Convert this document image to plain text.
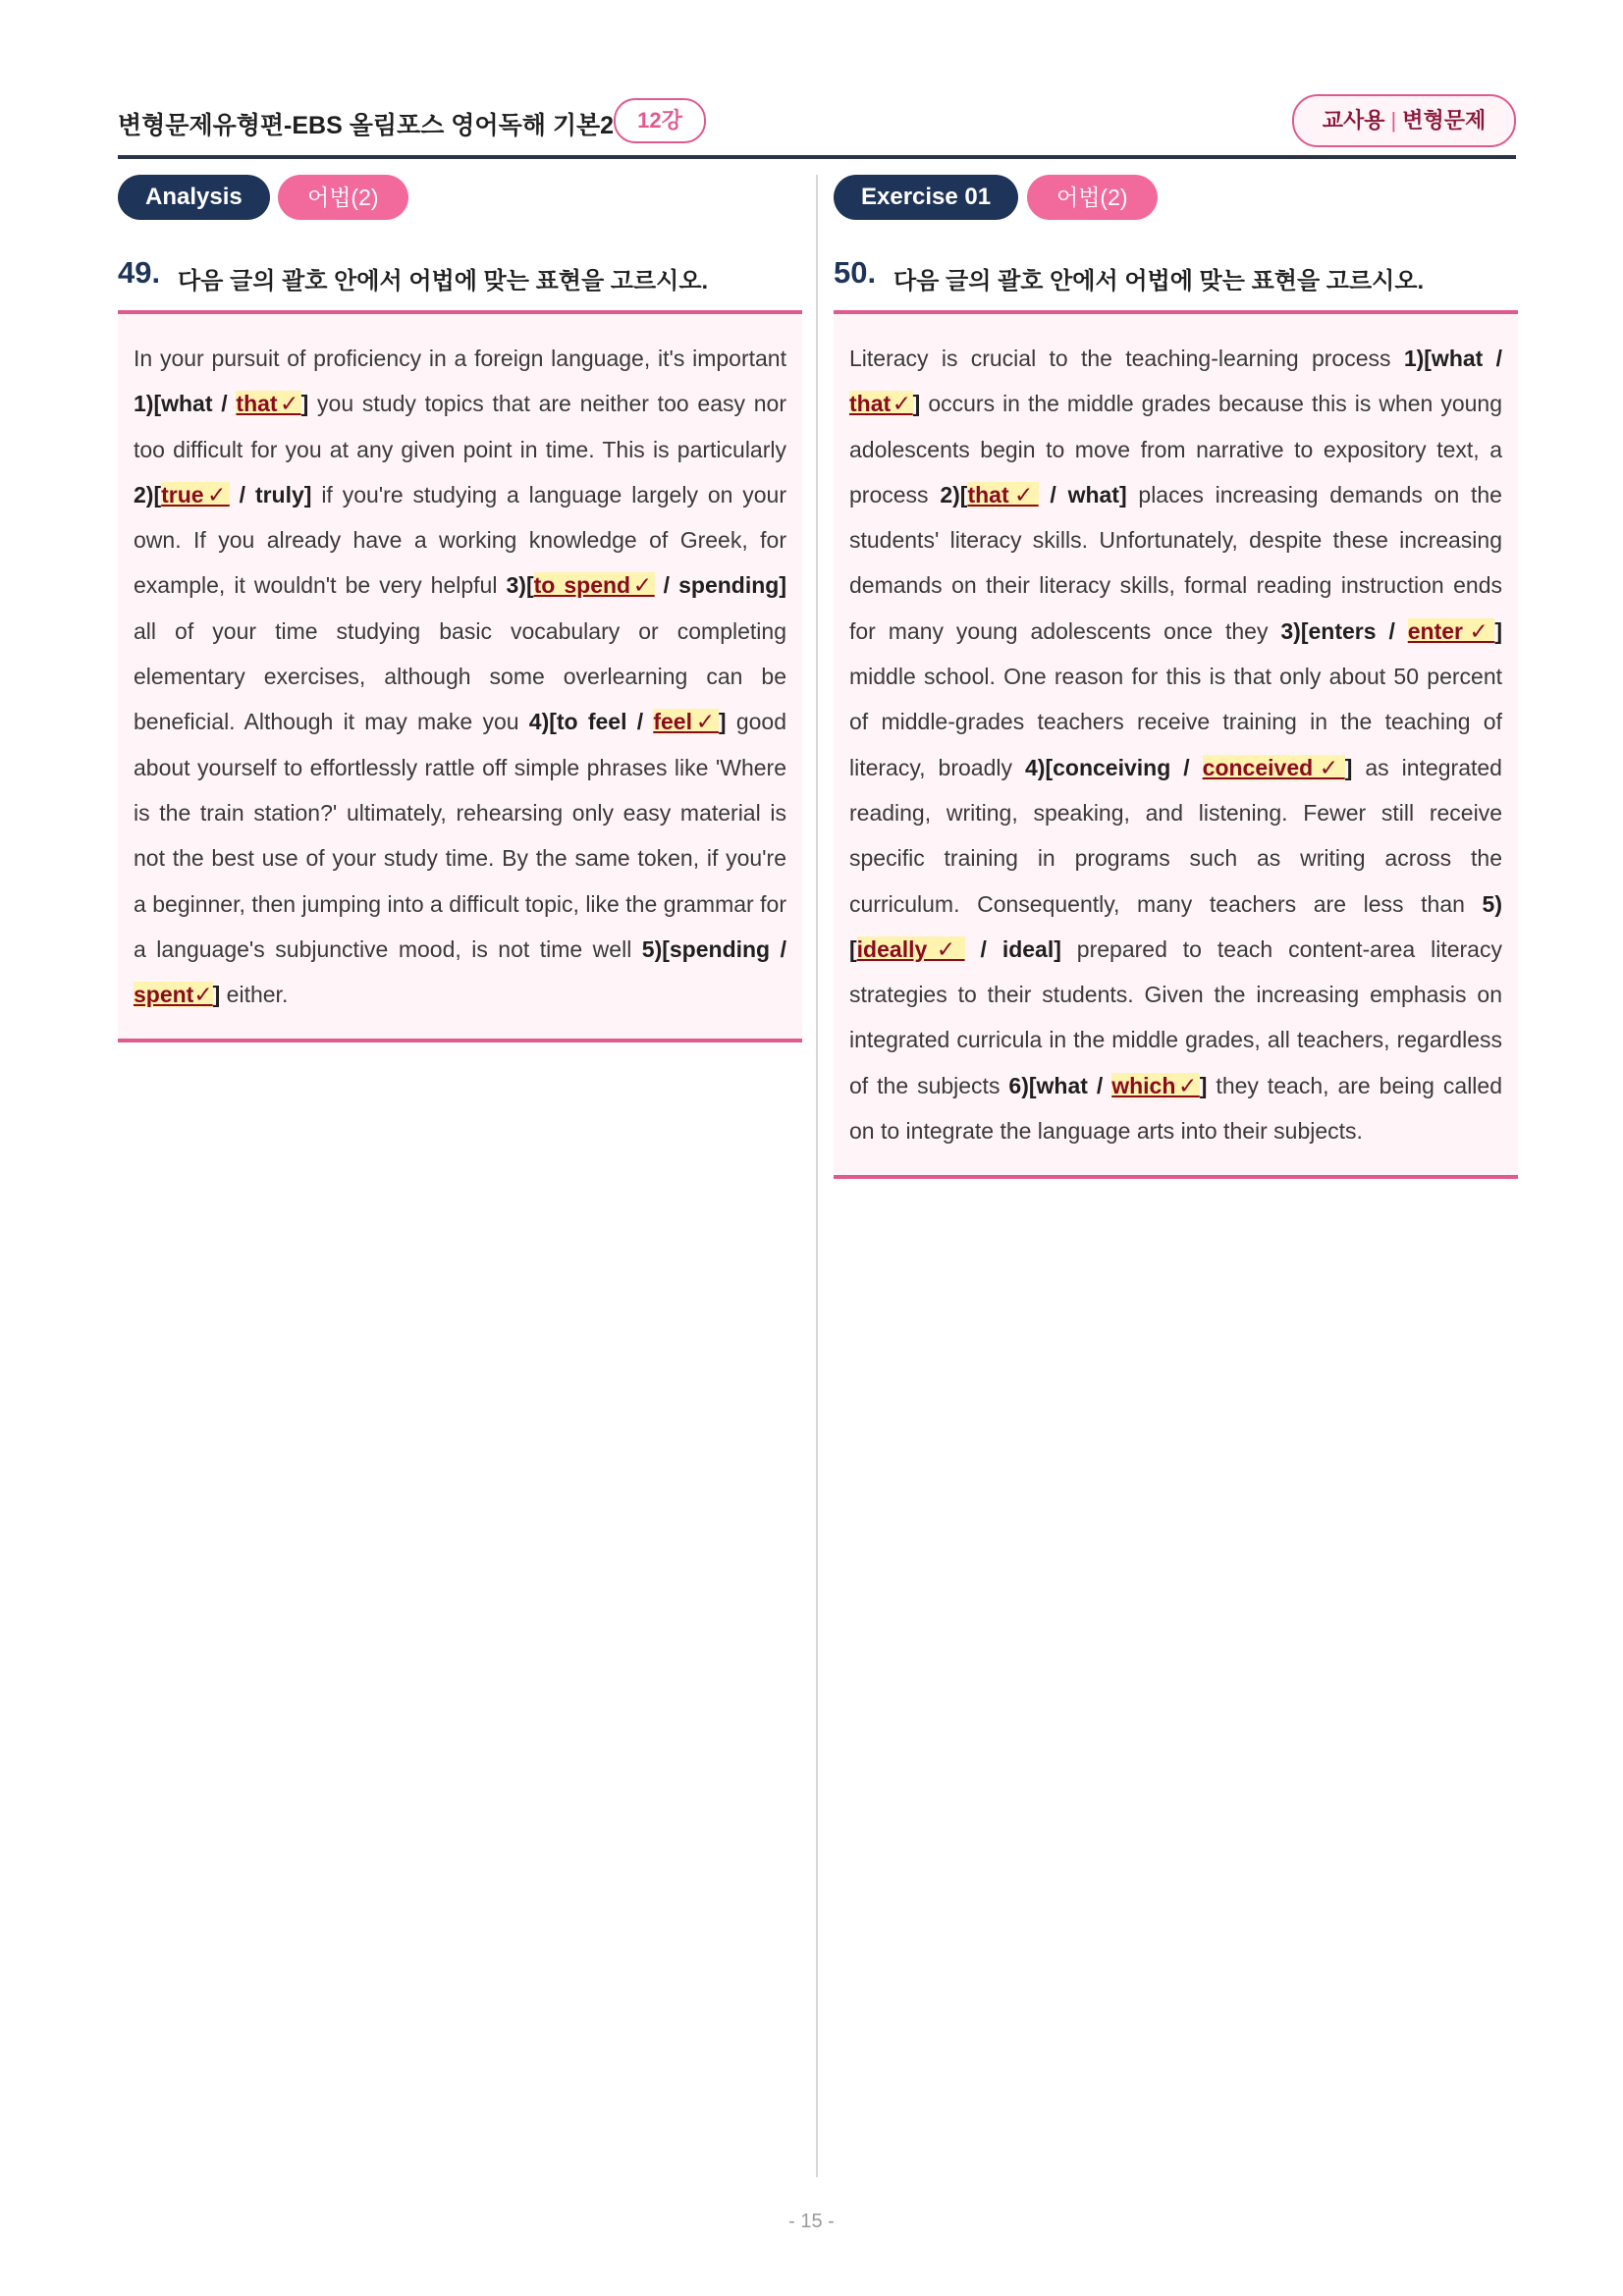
변형문제유형편-EBS 올림포스 영어독해 기본2	12강	교사용 | 변형문제
Analysis	어법(2)
49. 다음 글의 괄호 안에서 어법에 맞는 표현을 고르시오.
In your pursuit of proficiency in a foreign language, it's important 1)[what / that✓] you study topics that are neither too easy nor too difficult for you at any given point in time. This is particularly 2)[true✓ / truly] if you're studying a language largely on your own. If you already have a working knowledge of Greek, for example, it wouldn't be very helpful 3)[to spend✓ / spending] all of your time studying basic vocabulary or completing elementary exercises, although some overlearning can be beneficial. Although it may make you 4)[to feel / feel✓] good about yourself to effortlessly rattle off simple phrases like 'Where is the train station?' ultimately, rehearsing only easy material is not the best use of your study time. By the same token, if you're a beginner, then jumping into a difficult topic, like the grammar for a language's subjunctive mood, is not time well 5)[spending / spent✓] either.
Exercise 01	어법(2)
50. 다음 글의 괄호 안에서 어법에 맞는 표현을 고르시오.
Literacy is crucial to the teaching-learning process 1)[what / that✓] occurs in the middle grades because this is when young adolescents begin to move from narrative to expository text, a process 2)[that✓ / what] places increasing demands on the students' literacy skills. Unfortunately, despite these increasing demands on their literacy skills, formal reading instruction ends for many young adolescents once they 3)[enters / enter✓] middle school. One reason for this is that only about 50 percent of middle-grades teachers receive training in the teaching of literacy, broadly 4)[conceiving / conceived✓] as integrated reading, writing, speaking, and listening. Fewer still receive specific training in programs such as writing across the curriculum. Consequently, many teachers are less than 5)[ideally✓ / ideal] prepared to teach content-area literacy strategies to their students. Given the increasing emphasis on integrated curricula in the middle grades, all teachers, regardless of the subjects 6)[what / which✓] they teach, are being called on to integrate the language arts into their subjects.
- 15 -
